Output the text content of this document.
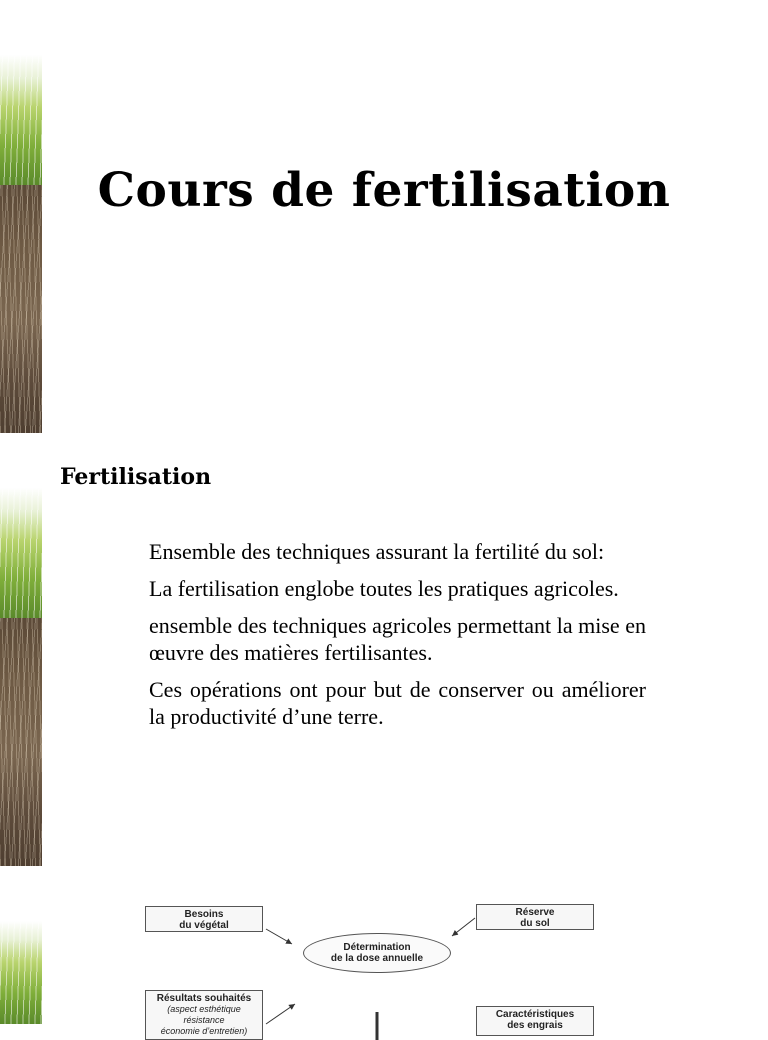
Cours de fertilisation
Fertilisation

Ensemble des techniques assurant la fertilité du sol:

La fertilisation englobe toutes les pratiques agricoles.

ensemble des techniques agricoles permettant la mise en œuvre des matières fertilisantes.

Ces opérations ont pour but de conserver ou améliorer la productivité d’une terre.

Besoins
du végétal
Réserve
du sol
Détermination
de la dose annuelle
Résultats souhaités
(aspect esthétique
résistance
économie d’entretien)
Caractéristiques
des engrais
